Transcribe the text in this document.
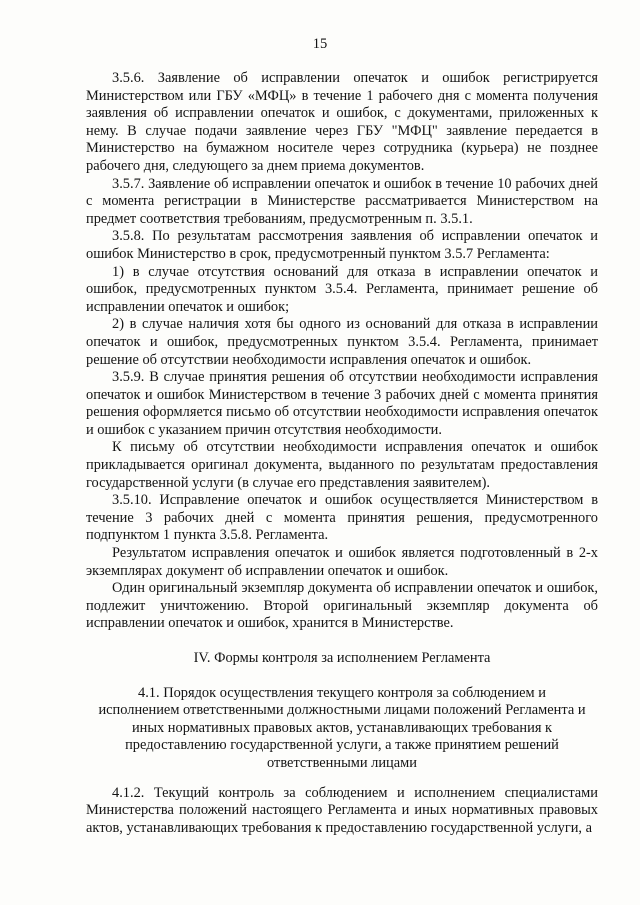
15

3.5.6. Заявление об исправлении опечаток и ошибок регистрируется Министерством или ГБУ «МФЦ» в течение 1 рабочего дня с момента получения заявления об исправлении опечаток и ошибок, с документами, приложенных к нему. В случае подачи заявление через ГБУ "МФЦ" заявление передается в Министерство на бумажном носителе через сотрудника (курьера) не позднее рабочего дня, следующего за днем приема документов.

3.5.7. Заявление об исправлении опечаток и ошибок в течение 10 рабочих дней с момента регистрации в Министерстве рассматривается Министерством на предмет соответствия требованиям, предусмотренным п. 3.5.1.

3.5.8. По результатам рассмотрения заявления об исправлении опечаток и ошибок Министерство в срок, предусмотренный пунктом 3.5.7 Регламента:

1) в случае отсутствия оснований для отказа в исправлении опечаток и ошибок, предусмотренных пунктом 3.5.4. Регламента, принимает решение об исправлении опечаток и ошибок;

2) в случае наличия хотя бы одного из оснований для отказа в исправлении опечаток и ошибок, предусмотренных пунктом 3.5.4. Регламента, принимает решение об отсутствии необходимости исправления опечаток и ошибок.

3.5.9. В случае принятия решения об отсутствии необходимости исправления опечаток и ошибок Министерством в течение 3 рабочих дней с момента принятия решения оформляется письмо об отсутствии необходимости исправления опечаток и ошибок с указанием причин отсутствия необходимости.

К письму об отсутствии необходимости исправления опечаток и ошибок прикладывается оригинал документа, выданного по результатам предоставления государственной услуги (в случае его представления заявителем).

3.5.10. Исправление опечаток и ошибок осуществляется Министерством в течение 3 рабочих дней с момента принятия решения, предусмотренного подпунктом 1 пункта 3.5.8. Регламента.

Результатом исправления опечаток и ошибок является подготовленный в 2-х экземплярах документ об исправлении опечаток и ошибок.

Один оригинальный экземпляр документа об исправлении опечаток и ошибок, подлежит уничтожению. Второй оригинальный экземпляр документа об исправлении опечаток и ошибок, хранится в Министерстве.

IV. Формы контроля за исполнением Регламента
4.1. Порядок осуществления текущего контроля за соблюдением и исполнением ответственными должностными лицами положений Регламента и иных нормативных правовых актов, устанавливающих требования к предоставлению государственной услуги, а также принятием решений ответственными лицами

4.1.2. Текущий контроль за соблюдением и исполнением специалистами Министерства положений настоящего Регламента и иных нормативных правовых актов, устанавливающих требования к предоставлению государственной услуги, а
